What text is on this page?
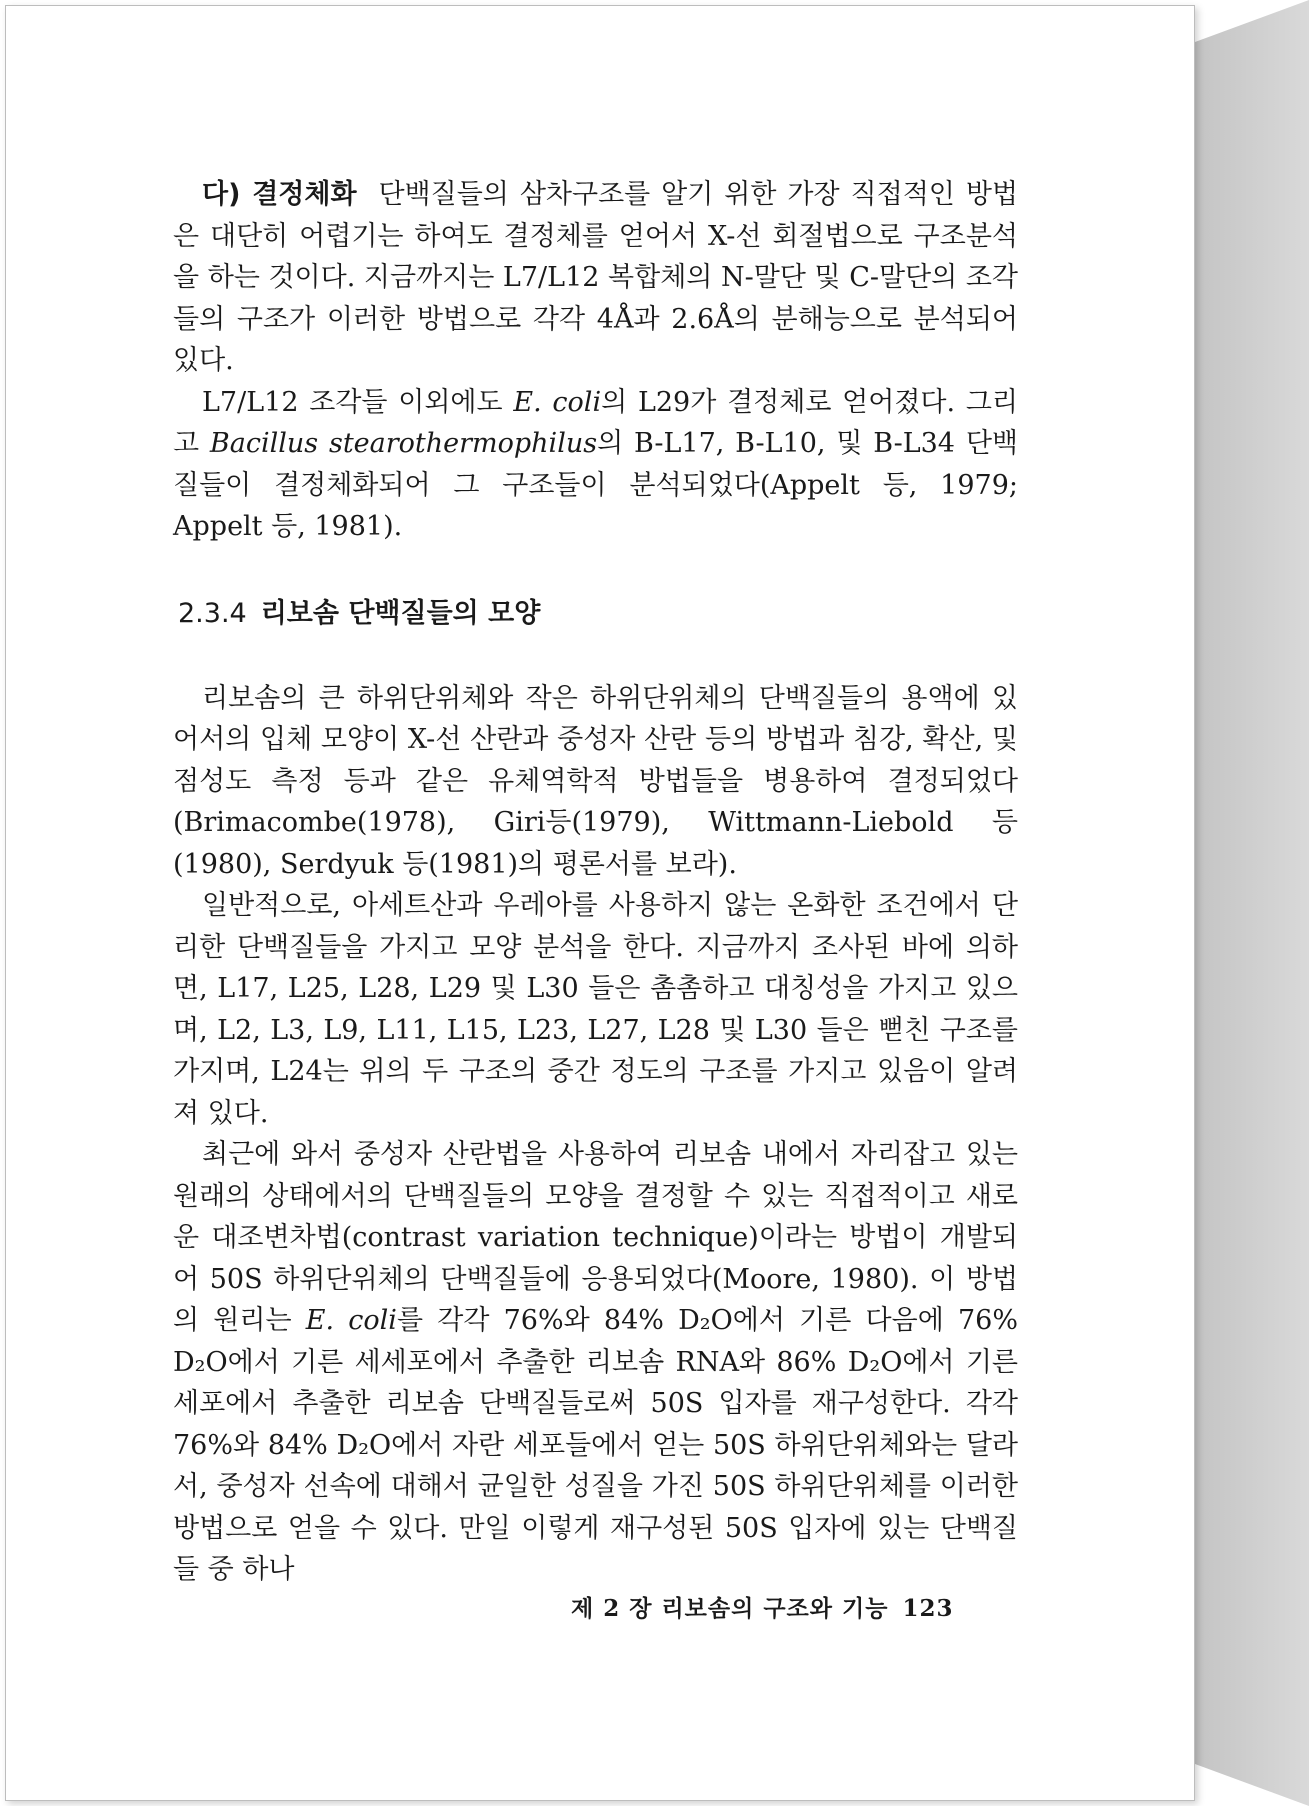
다) 결정체화 단백질들의 삼차구조를 알기 위한 가장 직접적인 방법은 대단히 어렵기는 하여도 결정체를 얻어서 X-선 회절법으로 구조분석을 하는 것이다. 지금까지는 L7/L12 복합체의 N-말단 및 C-말단의 조각들의 구조가 이러한 방법으로 각각 4Å과 2.6Å의 분해능으로 분석되어 있다.

L7/L12 조각들 이외에도 E. coli의 L29가 결정체로 얻어졌다. 그리고 Bacillus stearothermophilus의 B-L17, B-L10, 및 B-L34 단백질들이 결정체화되어 그 구조들이 분석되었다(Appelt 등, 1979; Appelt 등, 1981).

2.3.4 리보솜 단백질들의 모양

리보솜의 큰 하위단위체와 작은 하위단위체의 단백질들의 용액에 있어서의 입체 모양이 X-선 산란과 중성자 산란 등의 방법과 침강, 확산, 및 점성도 측정 등과 같은 유체역학적 방법들을 병용하여 결정되었다(Brimacombe(1978), Giri등(1979), Wittmann-Liebold 등(1980), Serdyuk 등(1981)의 평론서를 보라).

일반적으로, 아세트산과 우레아를 사용하지 않는 온화한 조건에서 단리한 단백질들을 가지고 모양 분석을 한다. 지금까지 조사된 바에 의하면, L17, L25, L28, L29 및 L30 들은 촘촘하고 대칭성을 가지고 있으며, L2, L3, L9, L11, L15, L23, L27, L28 및 L30 들은 뻗친 구조를 가지며, L24는 위의 두 구조의 중간 정도의 구조를 가지고 있음이 알려져 있다.

최근에 와서 중성자 산란법을 사용하여 리보솜 내에서 자리잡고 있는 원래의 상태에서의 단백질들의 모양을 결정할 수 있는 직접적이고 새로운 대조변차법(contrast variation technique)이라는 방법이 개발되어 50S 하위단위체의 단백질들에 응용되었다(Moore, 1980). 이 방법의 원리는 E. coli를 각각 76%와 84% D₂O에서 기른 다음에 76% D₂O에서 기른 세세포에서 추출한 리보솜 RNA와 86% D₂O에서 기른 세포에서 추출한 리보솜 단백질들로써 50S 입자를 재구성한다. 각각 76%와 84% D₂O에서 자란 세포들에서 얻는 50S 하위단위체와는 달라서, 중성자 선속에 대해서 균일한 성질을 가진 50S 하위단위체를 이러한 방법으로 얻을 수 있다. 만일 이렇게 재구성된 50S 입자에 있는 단백질들 중 하나

제 2 장 리보솜의 구조와 기능 123
